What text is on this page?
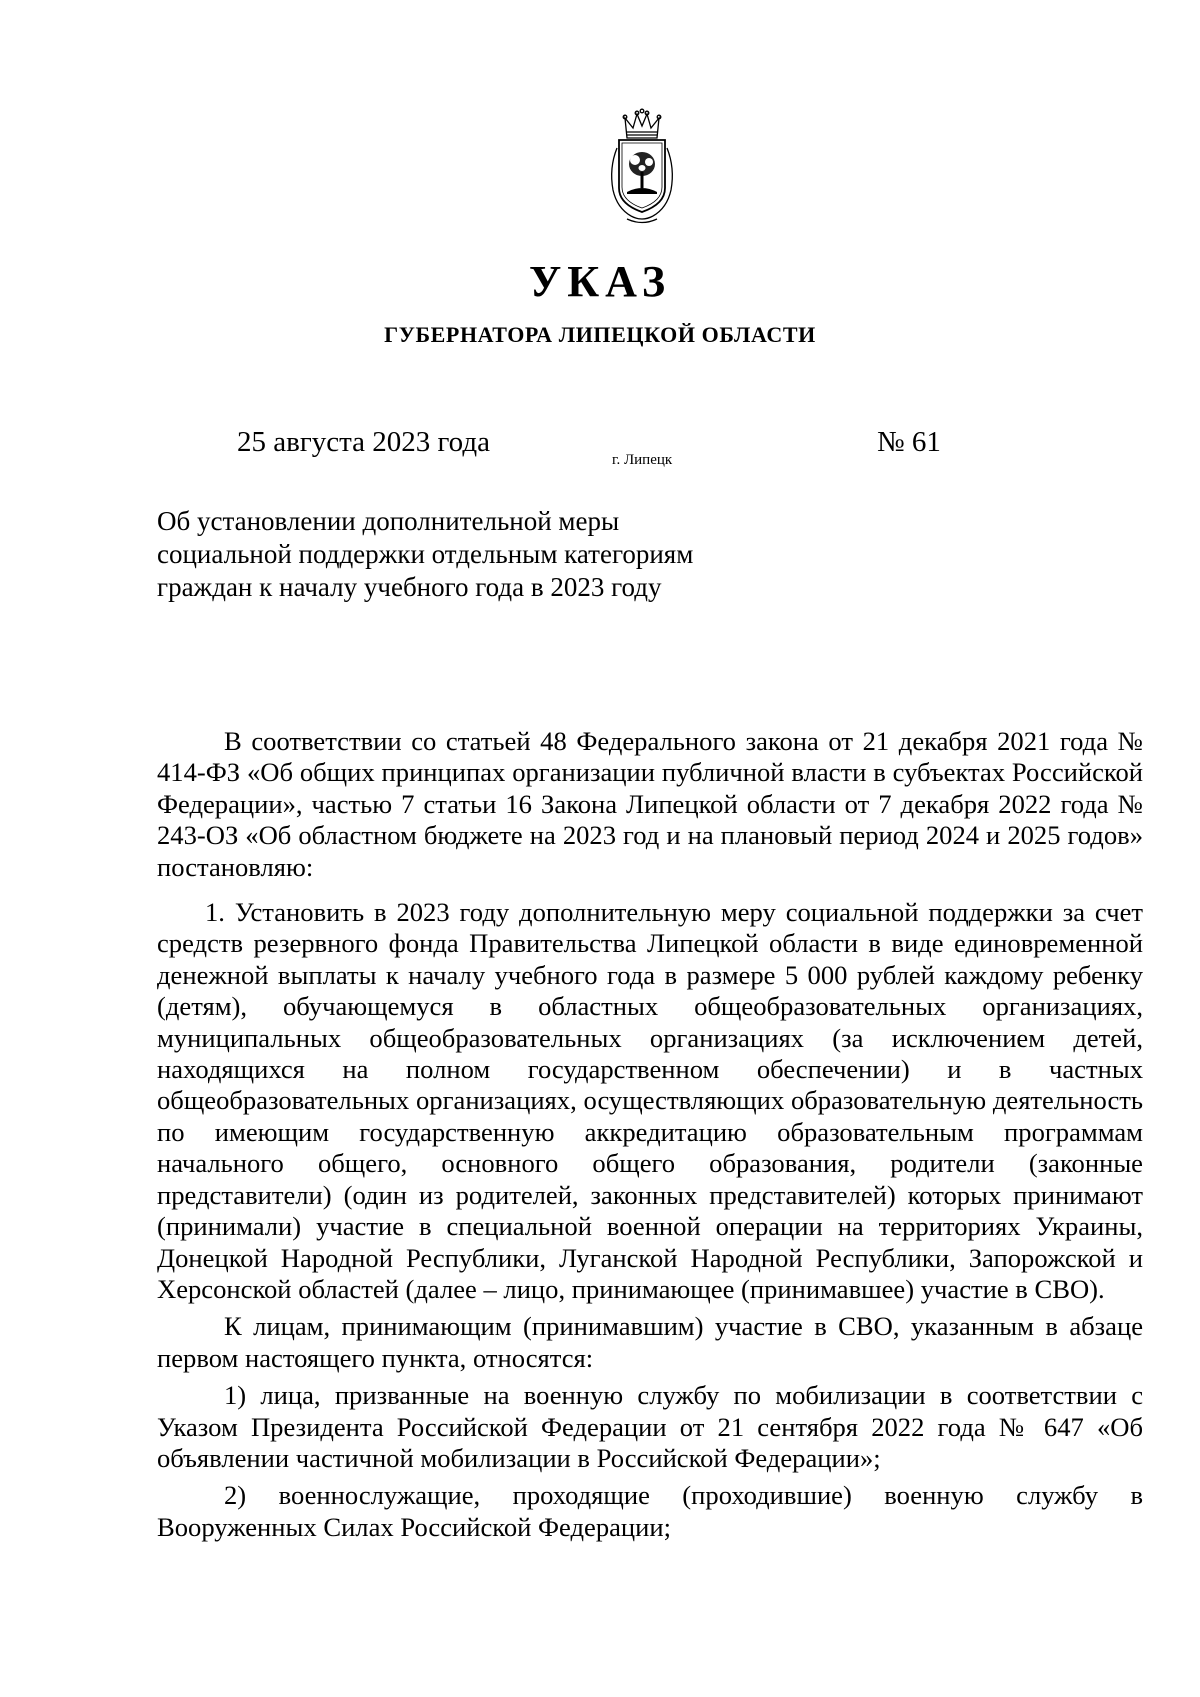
УКАЗ
ГУБЕРНАТОРА ЛИПЕЦКОЙ ОБЛАСТИ
25 августа 2023 года
г. Липецк
№ 61
Об установлении дополнительной меры
социальной поддержки отдельным категориям
граждан к началу учебного года в 2023 году

В соответствии со статьей 48 Федерального закона от 21 декабря 2021 года № 414-ФЗ «Об общих принципах организации публичной власти в субъектах Российской Федерации», частью 7 статьи 16 Закона Липецкой области от 7 декабря 2022 года № 243-ОЗ «Об областном бюджете на 2023 год и на плановый период 2024 и 2025 годов» постановляю:

1. Установить в 2023 году дополнительную меру социальной поддержки за счет средств резервного фонда Правительства Липецкой области в виде единовременной денежной выплаты к началу учебного года в размере 5 000 рублей каждому ребенку (детям), обучающемуся в областных общеобразовательных организациях, муниципальных общеобразовательных организациях (за исключением детей, находящихся на полном государственном обеспечении) и в частных общеобразовательных организациях, осуществляющих образовательную деятельность по имеющим государственную аккредитацию образовательным программам начального общего, основного общего образования, родители (законные представители) (один из родителей, законных представителей) которых принимают (принимали) участие в специальной военной операции на территориях Украины, Донецкой Народной Республики, Луганской Народной Республики, Запорожской и Херсонской областей (далее – лицо, принимающее (принимавшее) участие в СВО).

К лицам, принимающим (принимавшим) участие в СВО, указанным в абзаце первом настоящего пункта, относятся:

1) лица, призванные на военную службу по мобилизации в соответствии с Указом Президента Российской Федерации от 21 сентября 2022 года № 647 «Об объявлении частичной мобилизации в Российской Федерации»;

2) военнослужащие, проходящие (проходившие) военную службу в Вооруженных Силах Российской Федерации;
